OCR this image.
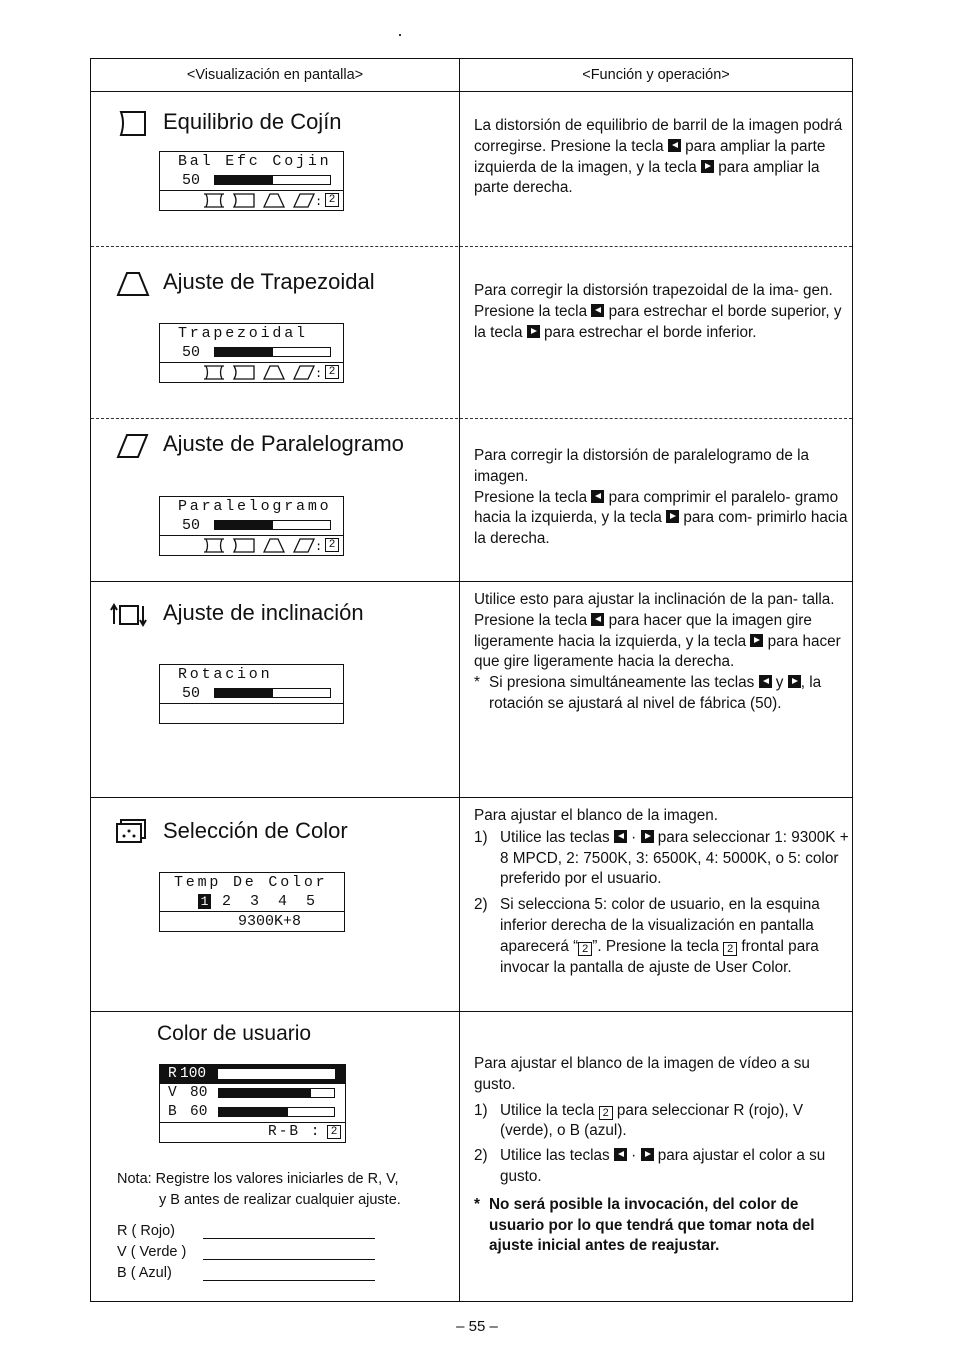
<Visualización en pantalla>	<Función y operación>
Equilibrio de Cojín
Bal Efc Cojin
50
: 2

La distorsión de equilibrio de barril de la imagen podrá corregirse. Presione la tecla para ampliar la parte izquierda de la imagen, y la tecla para ampliar la parte derecha.

Ajuste de Trapezoidal
Trapezoidal
50
: 2

Para corregir la distorsión trapezoidal de la ima- gen.

Presione la tecla para estrechar el borde superior, y la tecla para estrechar el borde inferior.

Ajuste de Paralelogramo
Paralelogramo
50
: 2

Para corregir la distorsión de paralelogramo de la imagen.

Presione la tecla para comprimir el paralelo- gramo hacia la izquierda, y la tecla para com- primirlo hacia la derecha.

Ajuste de inclinación
Rotacion
50

Utilice esto para ajustar la inclinación de la pan- talla.

Presione la tecla para hacer que la imagen gire ligeramente hacia la izquierda, y la tecla para hacer que gire ligeramente hacia la derecha.

* Si presiona simultáneamente las teclas y , la rotación se ajustará al nivel de fábrica (50).

Selección de Color
Temp De Color
1 2 3 4 5
9300K+8

Para ajustar el blanco de la imagen.

1) Utilice las teclas · para seleccionar 1: 9300K + 8 MPCD, 2: 7500K, 3: 6500K, 4: 5000K, o 5: color preferido por el usuario.

2) Si selecciona 5: color de usuario, en la esquina inferior derecha de la visualización en pantalla aparecerá “ 2 ”. Presione la tecla 2 frontal para invocar la pantalla de ajuste de User Color.

Color de usuario
R 100
V 80
B 60
R-B : 2
Nota: Registre los valores iniciarles de R, V,
y B antes de realizar cualquier ajuste.
R ( Rojo)
V ( Verde )
B ( Azul)

Para ajustar el blanco de la imagen de vídeo a su gusto.

1) Utilice la tecla 2 para seleccionar R (rojo), V (verde), o B (azul).

2) Utilice las teclas · para ajustar el color a su gusto.

* No será posible la invocación, del color de usuario por lo que tendrá que tomar nota del ajuste inicial antes de reajustar.

– 55 –
